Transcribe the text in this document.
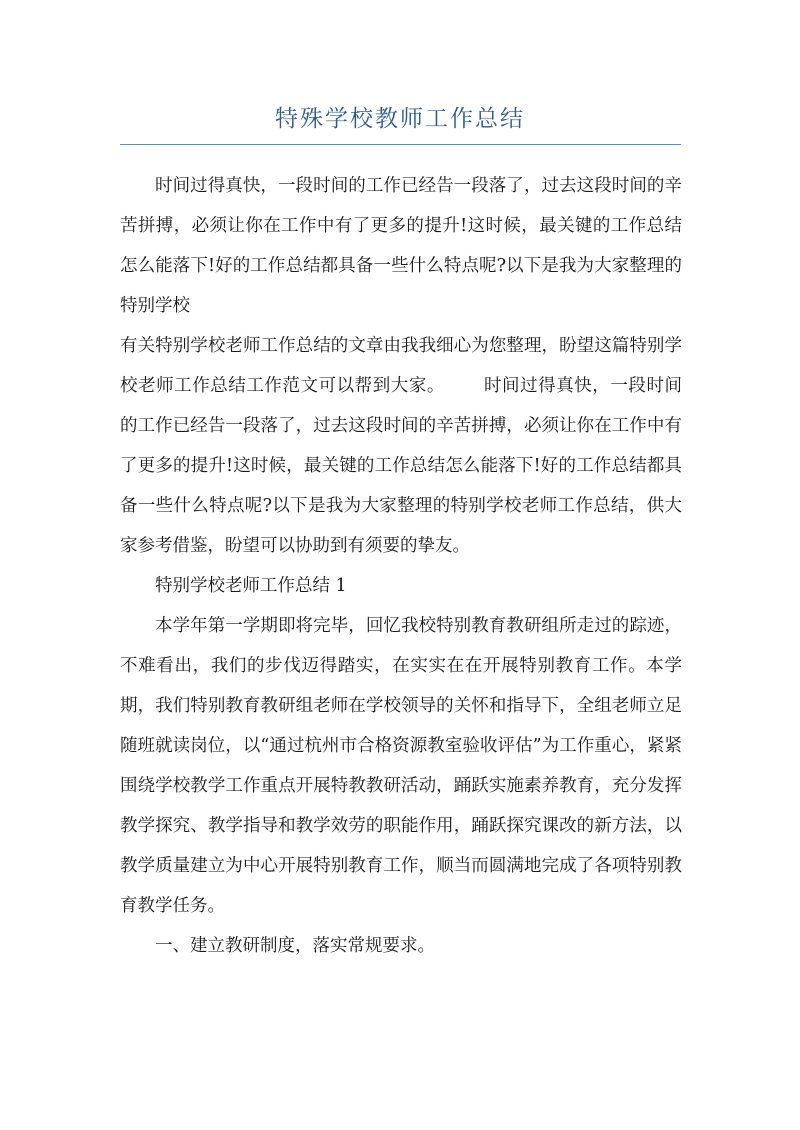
特殊学校教师工作总结

时间过得真快，一段时间的工作已经告一段落了，过去这段时间的辛苦拼搏，必须让你在工作中有了更多的提升!这时候，最关键的工作总结怎么能落下!好的工作总结都具备一些什么特点呢?以下是我为大家整理的特别学校

有关特别学校老师工作总结的文章由我我细心为您整理，盼望这篇特别学校老师工作总结工作范文可以帮到大家。 时间过得真快，一段时间的工作已经告一段落了，过去这段时间的辛苦拼搏，必须让你在工作中有了更多的提升!这时候，最关键的工作总结怎么能落下!好的工作总结都具备一些什么特点呢?以下是我为大家整理的特别学校老师工作总结，供大家参考借鉴，盼望可以协助到有须要的挚友。

特别学校老师工作总结 1

本学年第一学期即将完毕，回忆我校特别教育教研组所走过的踪迹，不难看出，我们的步伐迈得踏实，在实实在在开展特别教育工作。本学期，我们特别教育教研组老师在学校领导的关怀和指导下，全组老师立足随班就读岗位，以“通过杭州市合格资源教室验收评估”为工作重心，紧紧围绕学校教学工作重点开展特教教研活动，踊跃实施素养教育，充分发挥教学探究、教学指导和教学效劳的职能作用，踊跃探究课改的新方法，以教学质量建立为中心开展特别教育工作，顺当而圆满地完成了各项特别教育教学任务。

一、建立教研制度，落实常规要求。
